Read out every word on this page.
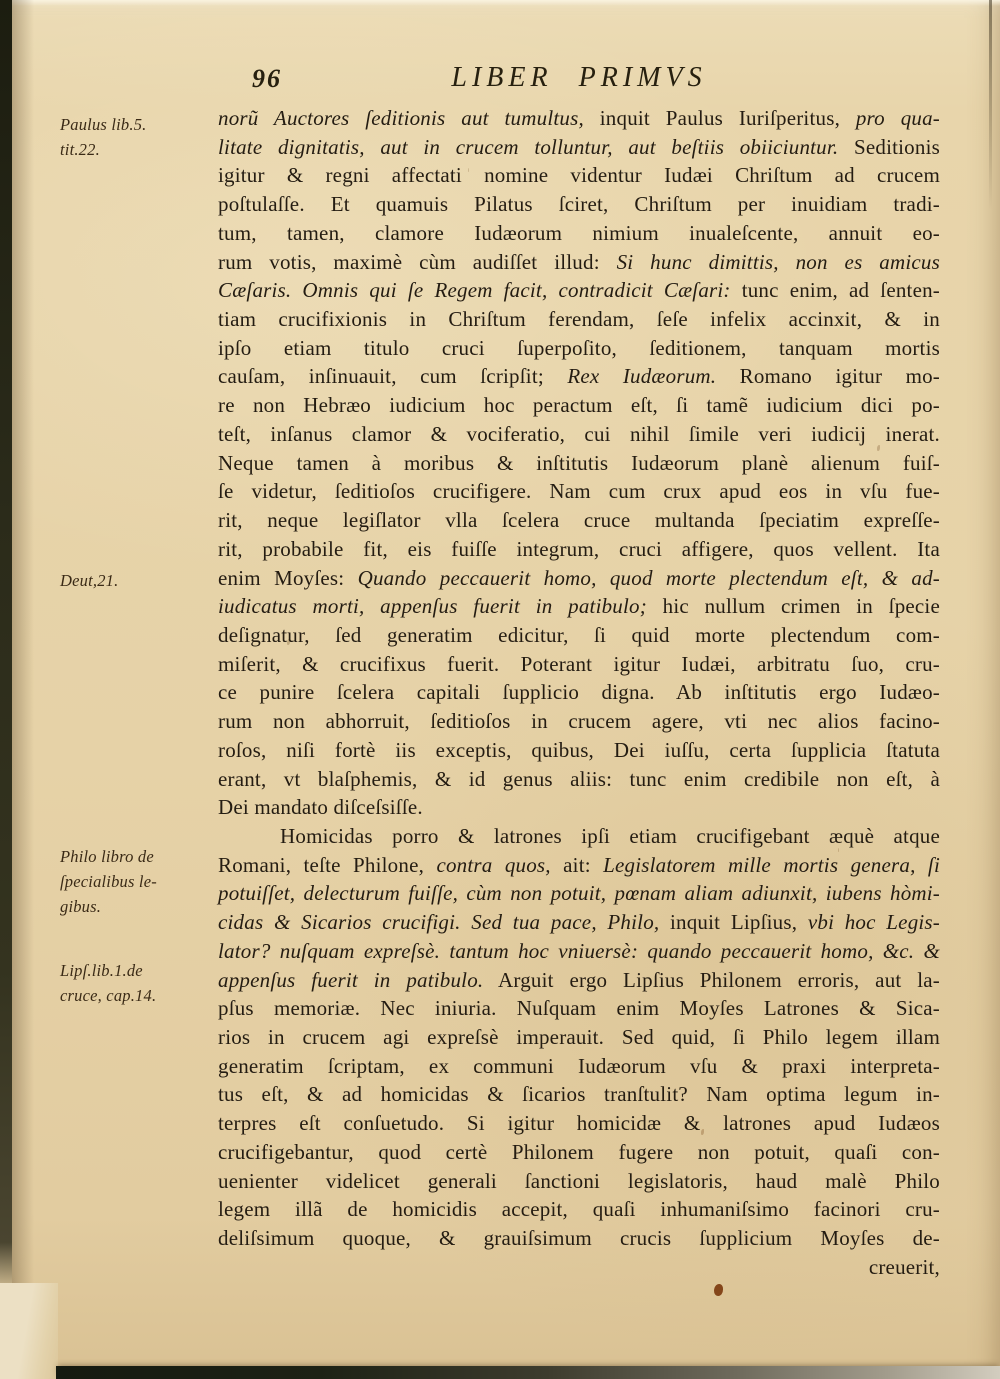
96	LIBER PRIMVS
Paulus lib.5.
tit.22.
Deut,21.
Philo libro de
ſpecialibus le-
gibus.
Lipſ.lib.1.de
cruce, cap.14.
norũ Auctores ſeditionis aut tumultus, inquit Paulus Iuriſperitus, pro qua-
litate dignitatis, aut in crucem tolluntur, aut beſtiis obiiciuntur. Seditionis
igitur & regni affectati nomine videntur Iudæi Chriſtum ad crucem
poſtulaſſe. Et quamuis Pilatus ſciret, Chriſtum per inuidiam tradi-
tum, tamen, clamore Iudæorum nimium inualeſcente, annuit eo-
rum votis, maximè cùm audiſſet illud: Si hunc dimittis, non es amicus
Cæſaris. Omnis qui ſe Regem facit, contradicit Cæſari: tunc enim, ad ſenten-
tiam crucifixionis in Chriſtum ferendam, ſeſe infelix accinxit, & in
ipſo etiam titulo cruci ſuperpoſito, ſeditionem, tanquam mortis
cauſam, inſinuauit, cum ſcripſit; Rex Iudæorum. Romano igitur mo-
re non Hebræo iudicium hoc peractum eſt, ſi tamẽ iudicium dici po-
teſt, inſanus clamor & vociferatio, cui nihil ſimile veri iudicij inerat.
Neque tamen à moribus & inſtitutis Iudæorum planè alienum fuiſ-
ſe videtur, ſeditioſos crucifigere. Nam cum crux apud eos in vſu fue-
rit, neque legiſlator vlla ſcelera cruce multanda ſpeciatim expreſſe-
rit, probabile fit, eis fuiſſe integrum, cruci affigere, quos vellent. Ita
enim Moyſes: Quando peccauerit homo, quod morte plectendum eſt, & ad-
iudicatus morti, appenſus fuerit in patibulo; hic nullum crimen in ſpecie
deſignatur, ſed generatim edicitur, ſi quid morte plectendum com-
miſerit, & crucifixus fuerit. Poterant igitur Iudæi, arbitratu ſuo, cru-
ce punire ſcelera capitali ſupplicio digna. Ab inſtitutis ergo Iudæo-
rum non abhorruit, ſeditioſos in crucem agere, vti nec alios facino-
roſos, niſi fortè iis exceptis, quibus, Dei iuſſu, certa ſupplicia ſtatuta
erant, vt blaſphemis, & id genus aliis: tunc enim credibile non eſt, à
Dei mandato diſceſsiſſe.
Homicidas porro & latrones ipſi etiam crucifigebant æquè atque
Romani, teſte Philone, contra quos, ait: Legislatorem mille mortis genera, ſi
potuiſſet, delecturum fuiſſe, cùm non potuit, pœnam aliam adiunxit, iubens hòmi-
cidas & Sicarios crucifigi. Sed tua pace, Philo, inquit Lipſius, vbi hoc Legis-
lator? nuſquam expreſsè. tantum hoc vniuersè: quando peccauerit homo, &c. &
appenſus fuerit in patibulo. Arguit ergo Lipſius Philonem erroris, aut la-
pſus memoriæ. Nec iniuria. Nuſquam enim Moyſes Latrones & Sica-
rios in crucem agi expreſsè imperauit. Sed quid, ſi Philo legem illam
generatim ſcriptam, ex communi Iudæorum vſu & praxi interpreta-
tus eſt, & ad homicidas & ſicarios tranſtulit? Nam optima legum in-
terpres eſt conſuetudo. Si igitur homicidæ & latrones apud Iudæos
crucifigebantur, quod certè Philonem fugere non potuit, quaſi con-
uenienter videlicet generali ſanctioni legislatoris, haud malè Philo
legem illã de homicidis accepit, quaſi inhumaniſsimo facinori cru-
deliſsimum quoque, & grauiſsimum crucis ſupplicium Moyſes de-
creuerit,
